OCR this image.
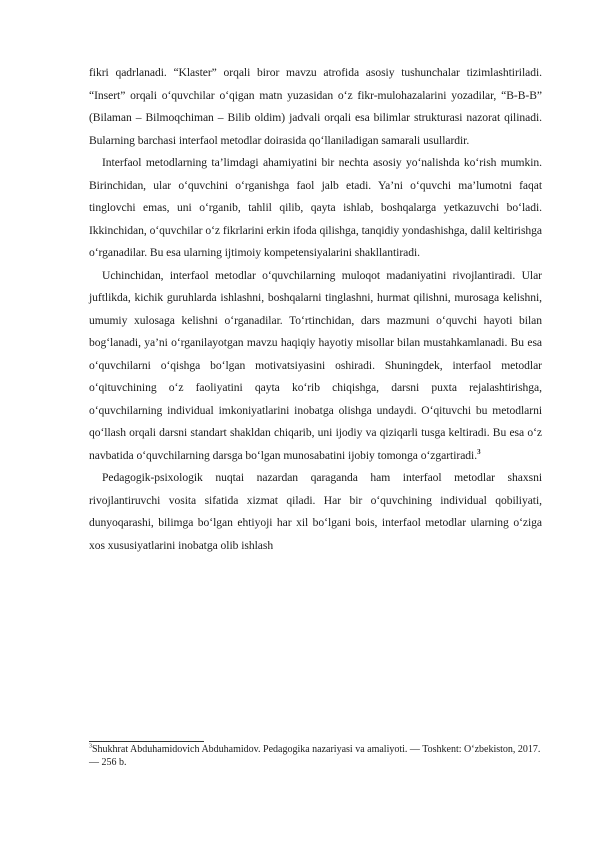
fikri qadrlanadi. “Klaster” orqali biror mavzu atrofida asosiy tushunchalar tizimlashtiriladi. “Insert” orqali o‘quvchilar o‘qigan matn yuzasidan o‘z fikr-mulohazalarini yozadilar, “B-B-B” (Bilaman – Bilmoqchiman – Bilib oldim) jadvali orqali esa bilimlar strukturasi nazorat qilinadi. Bularning barchasi interfaol metodlar doirasida qo‘llaniladigan samarali usullardir.

Interfaol metodlarning ta’limdagi ahamiyatini bir nechta asosiy yo‘nalishda ko‘rish mumkin. Birinchidan, ular o‘quvchini o‘rganishga faol jalb etadi. Ya’ni o‘quvchi ma’lumotni faqat tinglovchi emas, uni o‘rganib, tahlil qilib, qayta ishlab, boshqalarga yetkazuvchi bo‘ladi. Ikkinchidan, o‘quvchilar o‘z fikrlarini erkin ifoda qilishga, tanqidiy yondashishga, dalil keltirishga o‘rganadilar. Bu esa ularning ijtimoiy kompetensiyalarini shakllantiradi.

Uchinchidan, interfaol metodlar o‘quvchilarning muloqot madaniyatini rivojlantiradi. Ular juftlikda, kichik guruhlarda ishlashni, boshqalarni tinglashni, hurmat qilishni, murosaga kelishni, umumiy xulosaga kelishni o‘rganadilar. To‘rtinchidan, dars mazmuni o‘quvchi hayoti bilan bog‘lanadi, ya’ni o‘rganilayotgan mavzu haqiqiy hayotiy misollar bilan mustahkamlanadi. Bu esa o‘quvchilarni o‘qishga bo‘lgan motivatsiyasini oshiradi. Shuningdek, interfaol metodlar o‘qituvchining o‘z faoliyatini qayta ko‘rib chiqishga, darsni puxta rejalashtirishga, o‘quvchilarning individual imkoniyatlarini inobatga olishga undaydi. O‘qituvchi bu metodlarni qo‘llash orqali darsni standart shakldan chiqarib, uni ijodiy va qiziqarli tusga keltiradi. Bu esa o‘z navbatida o‘quvchilarning darsga bo‘lgan munosabatini ijobiy tomonga o‘zgartiradi.$^3$

Pedagogik-psixologik nuqtai nazardan qaraganda ham interfaol metodlar shaxsni rivojlantiruvchi vosita sifatida xizmat qiladi. Har bir o‘quvchining individual qobiliyati, dunyoqarashi, bilimga bo‘lgan ehtiyoji har xil bo‘lgani bois, interfaol metodlar ularning o‘ziga xos xususiyatlarini inobatga olib ishlash

$^3$Shukhrat Abduhamidovich Abduhamidov. Pedagogika nazariyasi va amaliyoti. — Toshkent: O‘zbekiston, 2017. — 256 b.
